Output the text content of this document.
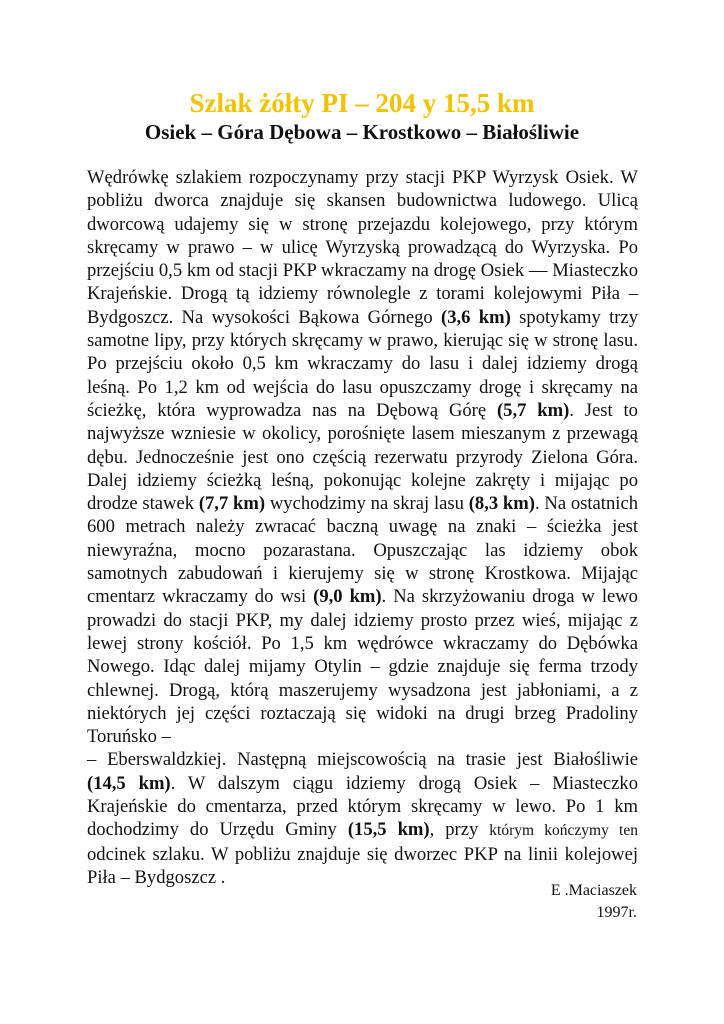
Szlak żółty PI – 204 y 15,5 km
Osiek – Góra Dębowa – Krostkowo – Białośliwie

Wędrówkę szlakiem rozpoczynamy przy stacji PKP Wyrzysk Osiek. W pobliżu dworca znajduje się skansen budownictwa ludowego. Ulicą dworcową udajemy się w stronę przejazdu kolejowego, przy którym skręcamy w prawo – w ulicę Wyrzyską prowadzącą do Wyrzyska. Po przejściu 0,5 km od stacji PKP wkraczamy na drogę Osiek — Miasteczko Krajeńskie. Drogą tą idziemy równolegle z torami kolejowymi Piła – Bydgoszcz. Na wysokości Bąkowa Górnego (3,6 km) spotykamy trzy samotne lipy, przy których skręcamy w prawo, kierując się w stronę lasu. Po przejściu około 0,5 km wkraczamy do lasu i dalej idziemy drogą leśną. Po 1,2 km od wejścia do lasu opuszczamy drogę i skręcamy na ścieżkę, która wyprowadza nas na Dębową Górę (5,7 km). Jest to najwyższe wzniesie w okolicy, porośnięte lasem mieszanym z przewagą dębu. Jednocześnie jest ono częścią rezerwatu przyrody Zielona Góra. Dalej idziemy ścieżką leśną, pokonując kolejne zakręty i mijając po drodze stawek (7,7 km) wychodzimy na skraj lasu (8,3 km). Na ostatnich 600 metrach należy zwracać baczną uwagę na znaki – ścieżka jest niewyraźna, mocno pozarastana. Opuszczając las idziemy obok samotnych zabudowań i kierujemy się w stronę Krostkowa. Mijając cmentarz wkraczamy do wsi (9,0 km). Na skrzyżowaniu droga w lewo prowadzi do stacji PKP, my dalej idziemy prosto przez wieś, mijając z lewej strony kościół. Po 1,5 km wędrówce wkraczamy do Dębówka Nowego. Idąc dalej mijamy Otylin – gdzie znajduje się ferma trzody chlewnej. Drogą, którą maszerujemy wysadzona jest jabłoniami, a z niektórych jej części roztaczają się widoki na drugi brzeg Pradoliny Toruńsko –
– Eberswaldzkiej. Następną miejscowością na trasie jest Białośliwie (14,5 km). W dalszym ciągu idziemy drogą Osiek – Miasteczko Krajeńskie do cmentarza, przed którym skręcamy w lewo. Po 1 km dochodzimy do Urzędu Gminy (15,5 km), przy którym kończymy ten odcinek szlaku. W pobliżu znajduje się dworzec PKP na linii kolejowej Piła – Bydgoszcz .

E .Maciaszek
1997r.
